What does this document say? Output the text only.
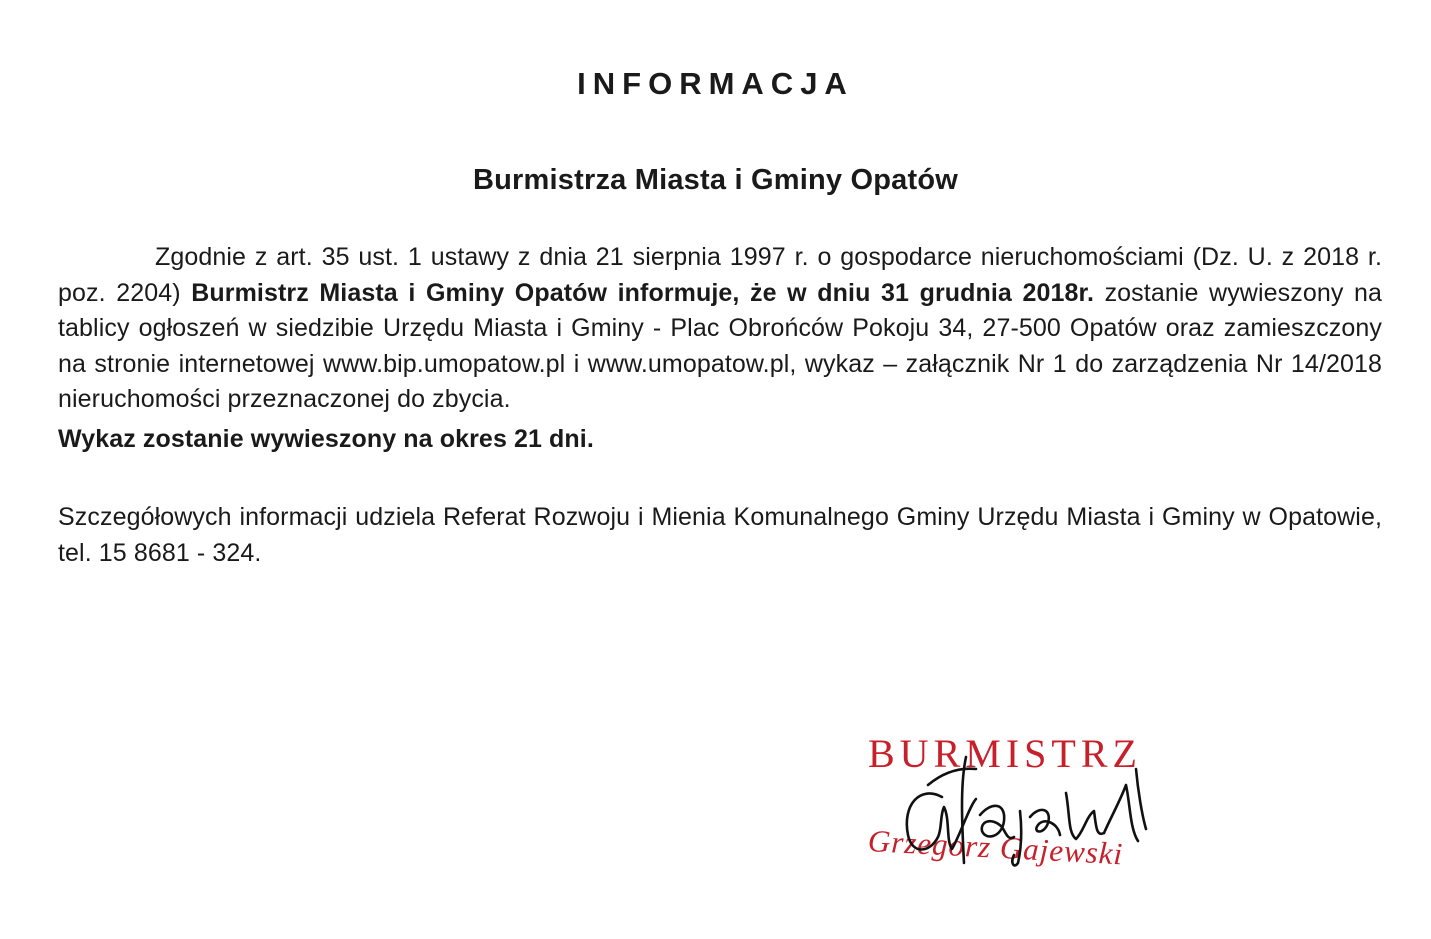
INFORMACJA
Burmistrza Miasta i Gminy Opatów

Zgodnie z art. 35 ust. 1 ustawy z dnia 21 sierpnia 1997 r. o gospodarce nieruchomościami (Dz. U. z 2018 r. poz. 2204) Burmistrz Miasta i Gminy Opatów informuje, że w dniu 31 grudnia 2018r. zostanie wywieszony na tablicy ogłoszeń w siedzibie Urzędu Miasta i Gminy - Plac Obrońców Pokoju 34, 27-500 Opatów oraz zamieszczony na stronie internetowej www.bip.umopatow.pl i www.umopatow.pl, wykaz – załącznik Nr 1 do zarządzenia Nr 14/2018 nieruchomości przeznaczonej do zbycia.

Wykaz zostanie wywieszony na okres 21 dni.

Szczegółowych informacji udziela Referat Rozwoju i Mienia Komunalnego Gminy Urzędu Miasta i Gminy w Opatowie, tel. 15 8681 - 324.

BURMISTRZ

Grzegorz Gajewski
